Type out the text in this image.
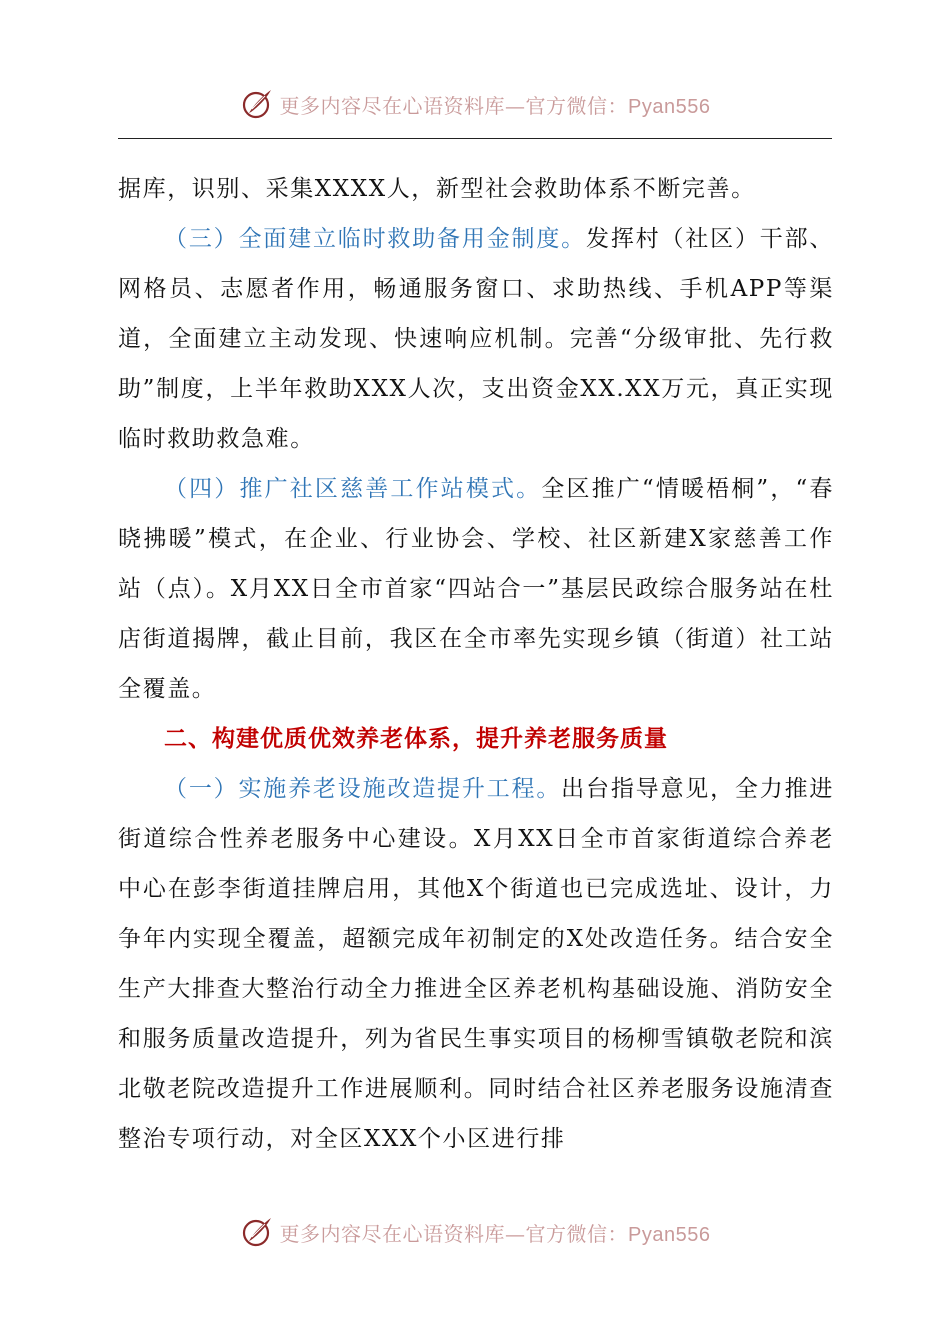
更多内容尽在心语资料库—官方微信：Pyan556

据库，识别、采集XXXX人，新型社会救助体系不断完善。

（三）全面建立临时救助备用金制度。发挥村（社区）干部、网格员、志愿者作用，畅通服务窗口、求助热线、手机APP等渠道，全面建立主动发现、快速响应机制。完善“分级审批、先行救助”制度，上半年救助XXX人次，支出资金XX.XX万元，真正实现临时救助救急难。

（四）推广社区慈善工作站模式。全区推广“情暖梧桐”，“春晓拂暖”模式，在企业、行业协会、学校、社区新建X家慈善工作站（点）。X月XX日全市首家“四站合一”基层民政综合服务站在杜店街道揭牌，截止目前，我区在全市率先实现乡镇（街道）社工站全覆盖。

二、构建优质优效养老体系，提升养老服务质量

（一）实施养老设施改造提升工程。出台指导意见，全力推进街道综合性养老服务中心建设。X月XX日全市首家街道综合养老中心在彭李街道挂牌启用，其他X个街道也已完成选址、设计，力争年内实现全覆盖，超额完成年初制定的X处改造任务。结合安全生产大排查大整治行动全力推进全区养老机构基础设施、消防安全和服务质量改造提升，列为省民生事实项目的杨柳雪镇敬老院和滨北敬老院改造提升工作进展顺利。同时结合社区养老服务设施清查整治专项行动，对全区XXX个小区进行排

更多内容尽在心语资料库—官方微信：Pyan556
